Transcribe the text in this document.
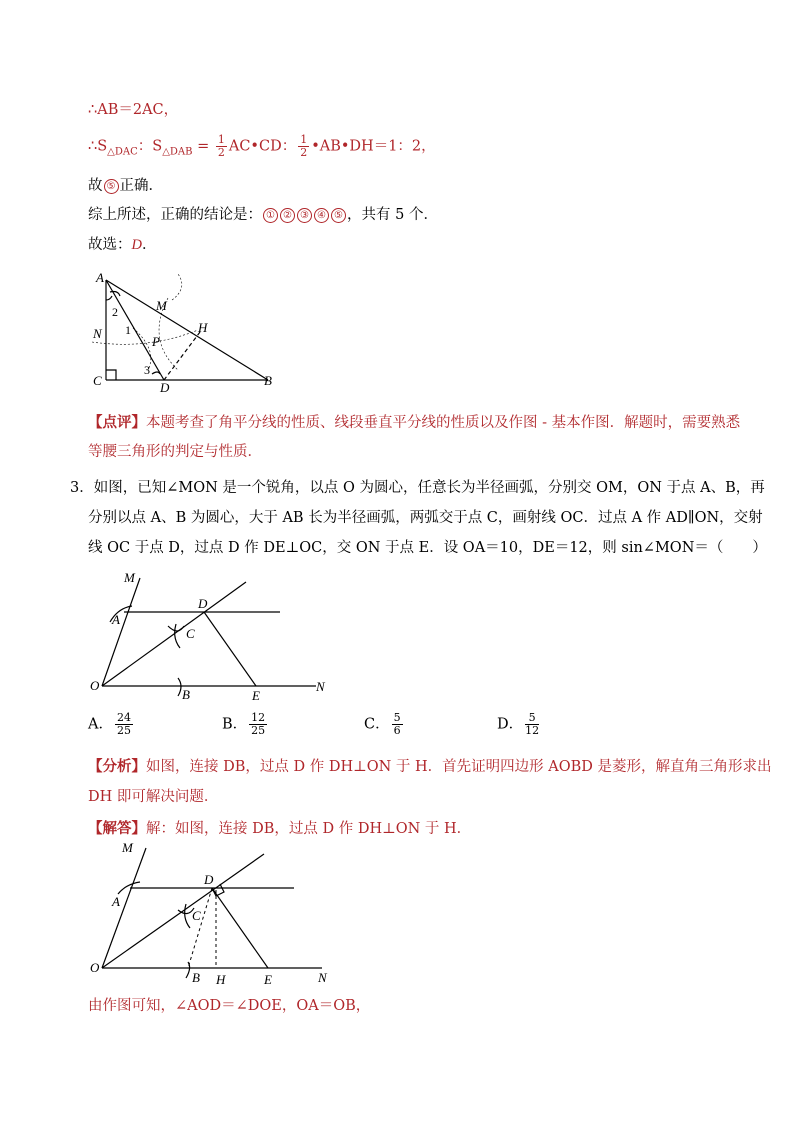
∴AB＝2AC，
$\therefore S_{\triangle DAC}$：$S_{\triangle DAB} = \frac{1}{2}$ AC•CD： $\frac{1}{2}$ •AB•DH＝1：2，
故 ⑤ 正确．
综上所述，正确的结论是： ① ② ③ ④ ⑤ ，共有 5 个．
故选：D．
A
M
H
N
P
C	D	B
1
2
3
【点评】本题考查了角平分线的性质、线段垂直平分线的性质以及作图 - 基本作图．解题时，需要熟悉
等腰三角形的判定与性质．
3．如图，已知∠MON 是一个锐角，以点 O 为圆心，任意长为半径画弧，分别交 OM，ON 于点 A、B，再
分别以点 A、B 为圆心，大于 AB 长为半径画弧，两弧交于点 C，画射线 OC．过点 A 作 AD∥ON，交射
线 OC 于点 D，过点 D 作 DE⊥OC，交 ON 于点 E．设 OA＝10，DE＝12，则 sin∠MON＝（　　）
M
A
D
C
O
B	E
N
A． $\frac{24}{25}$	B． $\frac{12}{25}$	C． $\frac{5}{6}$	D． $\frac{5}{12}$
【分析】如图，连接 DB，过点 D 作 DH⊥ON 于 H．首先证明四边形 AOBD 是菱形，解直角三角形求出
DH 即可解决问题．
【解答】解：如图，连接 DB，过点 D 作 DH⊥ON 于 H．
M
D
A
C
O
B H	E	N
由作图可知，∠AOD＝∠DOE，OA＝OB，
